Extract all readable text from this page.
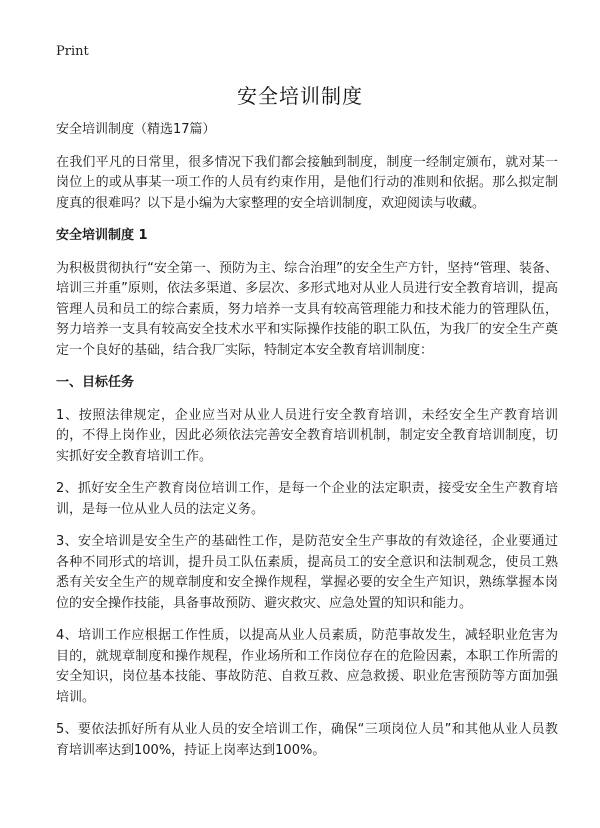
Print
安全培训制度

安全培训制度（精选17篇）

在我们平凡的日常里，很多情况下我们都会接触到制度，制度一经制定颁布，就对某一岗位上的或从事某一项工作的人员有约束作用，是他们行动的准则和依据。那么拟定制度真的很难吗？以下是小编为大家整理的安全培训制度，欢迎阅读与收藏。

安全培训制度 1

为积极贯彻执行“安全第一、预防为主、综合治理”的安全生产方针，坚持“管理、装备、培训三并重”原则，依法多渠道、多层次、多形式地对从业人员进行安全教育培训，提高管理人员和员工的综合素质，努力培养一支具有较高管理能力和技术能力的管理队伍，努力培养一支具有较高安全技术水平和实际操作技能的职工队伍，为我厂的安全生产奠定一个良好的基础，结合我厂实际，特制定本安全教育培训制度：

一、目标任务

1、按照法律规定，企业应当对从业人员进行安全教育培训，未经安全生产教育培训的，不得上岗作业，因此必须依法完善安全教育培训机制，制定安全教育培训制度，切实抓好安全教育培训工作。

2、抓好安全生产教育岗位培训工作，是每一个企业的法定职责，接受安全生产教育培训，是每一位从业人员的法定义务。

3、安全培训是安全生产的基础性工作，是防范安全生产事故的有效途径，企业要通过各种不同形式的培训，提升员工队伍素质，提高员工的安全意识和法制观念，使员工熟悉有关安全生产的规章制度和安全操作规程，掌握必要的安全生产知识，熟练掌握本岗位的安全操作技能，具备事故预防、避灾救灾、应急处置的知识和能力。

4、培训工作应根据工作性质，以提高从业人员素质，防范事故发生，减轻职业危害为目的，就规章制度和操作规程，作业场所和工作岗位存在的危险因素，本职工作所需的安全知识，岗位基本技能、事故防范、自救互救、应急救援、职业危害预防等方面加强培训。

5、要依法抓好所有从业人员的安全培训工作，确保“三项岗位人员”和其他从业人员教育培训率达到100%，持证上岗率达到100%。
